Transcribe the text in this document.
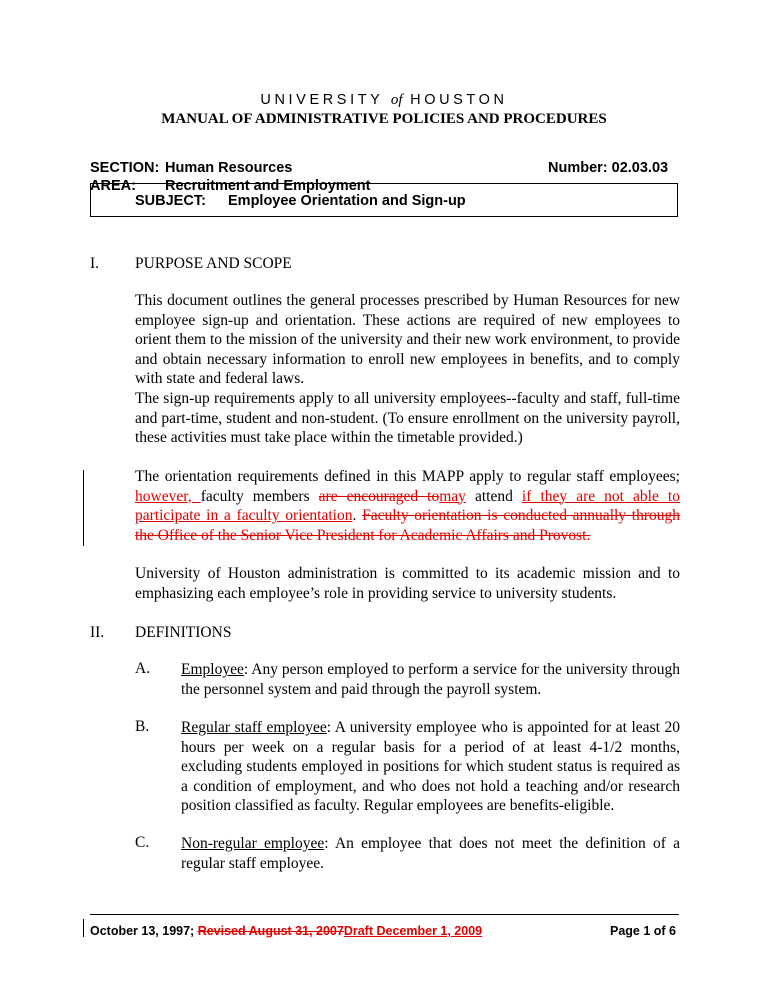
UNIVERSITY of HOUSTON
MANUAL OF ADMINISTRATIVE POLICIES AND PROCEDURES
SECTION: Human Resources
AREA: Recruitment and Employment
Number: 02.03.03
SUBJECT: Employee Orientation and Sign-up
I. PURPOSE AND SCOPE

This document outlines the general processes prescribed by Human Resources for new employee sign-up and orientation. These actions are required of new employees to orient them to the mission of the university and their new work environment, to provide and obtain necessary information to enroll new employees in benefits, and to comply with state and federal laws.

The sign-up requirements apply to all university employees--faculty and staff, full-time and part-time, student and non-student. (To ensure enrollment on the university payroll, these activities must take place within the timetable provided.)

The orientation requirements defined in this MAPP apply to regular staff employees; however, faculty members are encouraged tomay attend if they are not able to participate in a faculty orientation. Faculty orientation is conducted annually through the Office of the Senior Vice President for Academic Affairs and Provost.

University of Houston administration is committed to its academic mission and to emphasizing each employee’s role in providing service to university students.

II. DEFINITIONS
A. Employee: Any person employed to perform a service for the university through the personnel system and paid through the payroll system.

B. Regular staff employee: A university employee who is appointed for at least 20 hours per week on a regular basis for a period of at least 4-1/2 months, excluding students employed in positions for which student status is required as a condition of employment, and who does not hold a teaching and/or research position classified as faculty. Regular employees are benefits-eligible.

C. Non-regular employee: An employee that does not meet the definition of a regular staff employee.

October 13, 1997; Revised August 31, 2007Draft December 1, 2009	Page 1 of 6
